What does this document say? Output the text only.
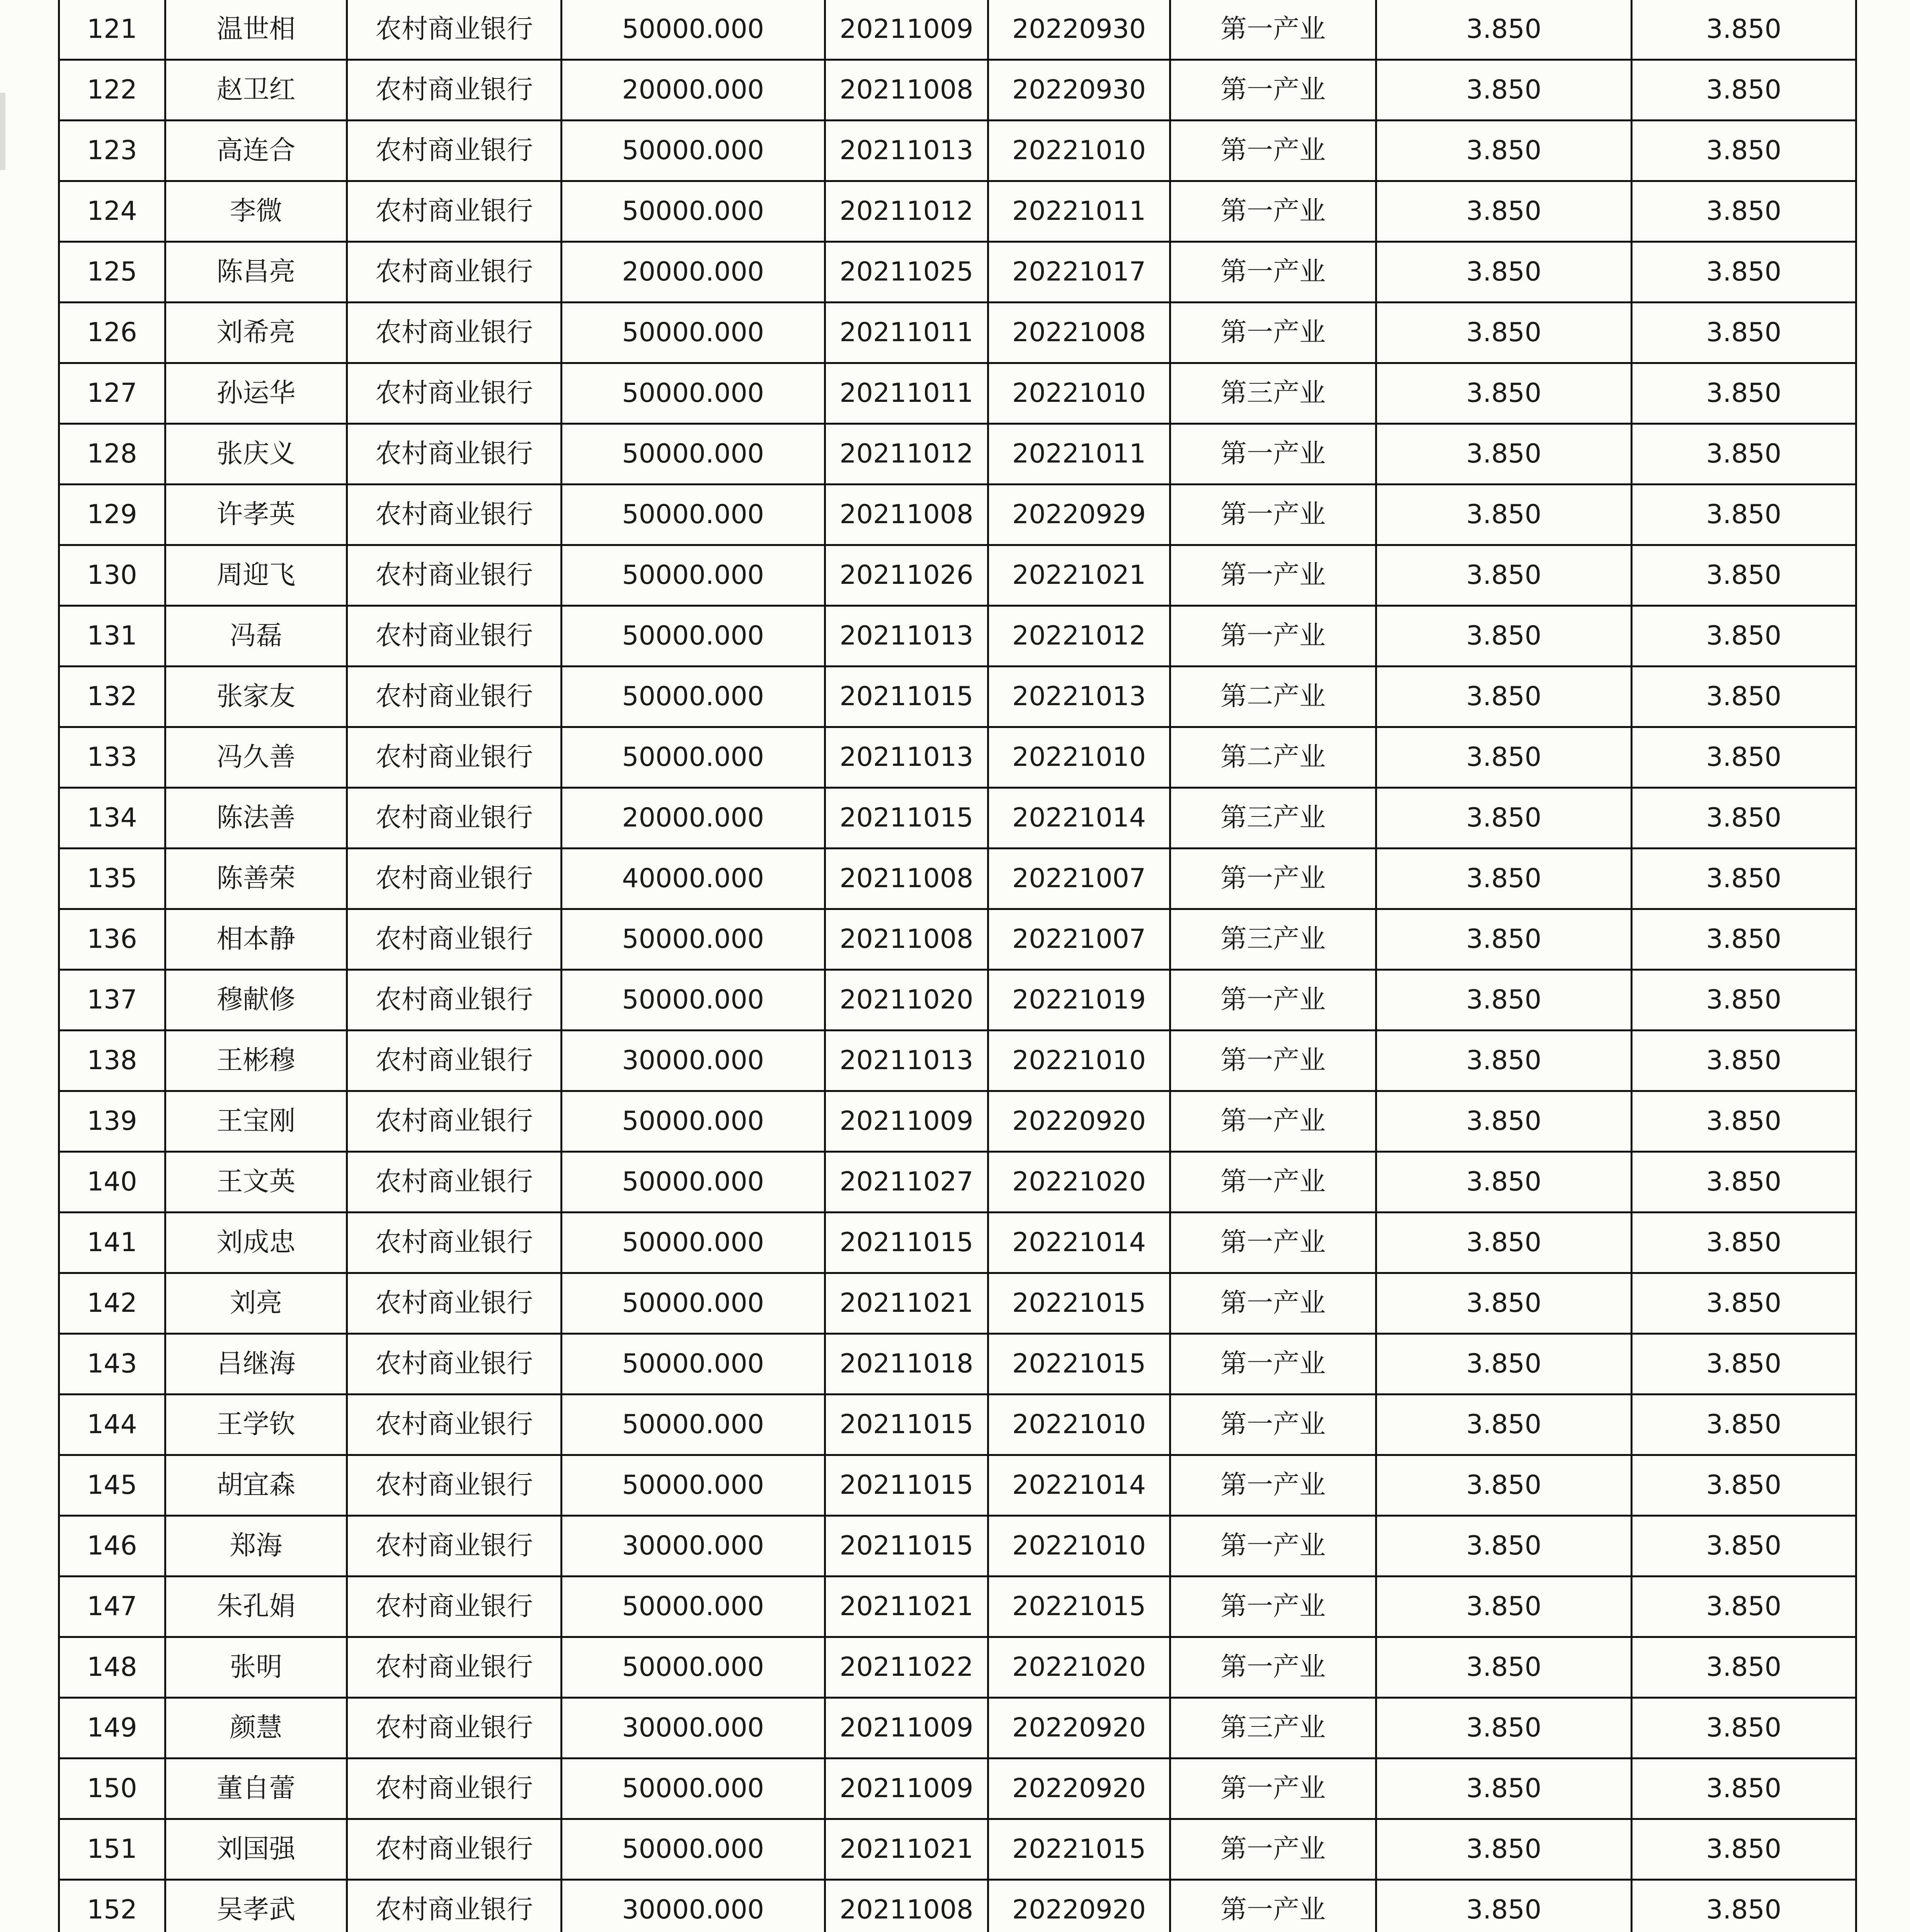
121	温世相	农村商业银行	50000.000	20211009	20220930	第一产业	3.850	3.850
122	赵卫红	农村商业银行	20000.000	20211008	20220930	第一产业	3.850	3.850
123	高连合	农村商业银行	50000.000	20211013	20221010	第一产业	3.850	3.850
124	李微	农村商业银行	50000.000	20211012	20221011	第一产业	3.850	3.850
125	陈昌亮	农村商业银行	20000.000	20211025	20221017	第一产业	3.850	3.850
126	刘希亮	农村商业银行	50000.000	20211011	20221008	第一产业	3.850	3.850
127	孙运华	农村商业银行	50000.000	20211011	20221010	第三产业	3.850	3.850
128	张庆义	农村商业银行	50000.000	20211012	20221011	第一产业	3.850	3.850
129	许孝英	农村商业银行	50000.000	20211008	20220929	第一产业	3.850	3.850
130	周迎飞	农村商业银行	50000.000	20211026	20221021	第一产业	3.850	3.850
131	冯磊	农村商业银行	50000.000	20211013	20221012	第一产业	3.850	3.850
132	张家友	农村商业银行	50000.000	20211015	20221013	第二产业	3.850	3.850
133	冯久善	农村商业银行	50000.000	20211013	20221010	第二产业	3.850	3.850
134	陈法善	农村商业银行	20000.000	20211015	20221014	第三产业	3.850	3.850
135	陈善荣	农村商业银行	40000.000	20211008	20221007	第一产业	3.850	3.850
136	相本静	农村商业银行	50000.000	20211008	20221007	第三产业	3.850	3.850
137	穆献修	农村商业银行	50000.000	20211020	20221019	第一产业	3.850	3.850
138	王彬穆	农村商业银行	30000.000	20211013	20221010	第一产业	3.850	3.850
139	王宝刚	农村商业银行	50000.000	20211009	20220920	第一产业	3.850	3.850
140	王文英	农村商业银行	50000.000	20211027	20221020	第一产业	3.850	3.850
141	刘成忠	农村商业银行	50000.000	20211015	20221014	第一产业	3.850	3.850
142	刘亮	农村商业银行	50000.000	20211021	20221015	第一产业	3.850	3.850
143	吕继海	农村商业银行	50000.000	20211018	20221015	第一产业	3.850	3.850
144	王学钦	农村商业银行	50000.000	20211015	20221010	第一产业	3.850	3.850
145	胡宜森	农村商业银行	50000.000	20211015	20221014	第一产业	3.850	3.850
146	郑海	农村商业银行	30000.000	20211015	20221010	第一产业	3.850	3.850
147	朱孔娟	农村商业银行	50000.000	20211021	20221015	第一产业	3.850	3.850
148	张明	农村商业银行	50000.000	20211022	20221020	第一产业	3.850	3.850
149	颜慧	农村商业银行	30000.000	20211009	20220920	第三产业	3.850	3.850
150	董自蕾	农村商业银行	50000.000	20211009	20220920	第一产业	3.850	3.850
151	刘国强	农村商业银行	50000.000	20211021	20221015	第一产业	3.850	3.850
152	吴孝武	农村商业银行	30000.000	20211008	20220920	第一产业	3.850	3.850
